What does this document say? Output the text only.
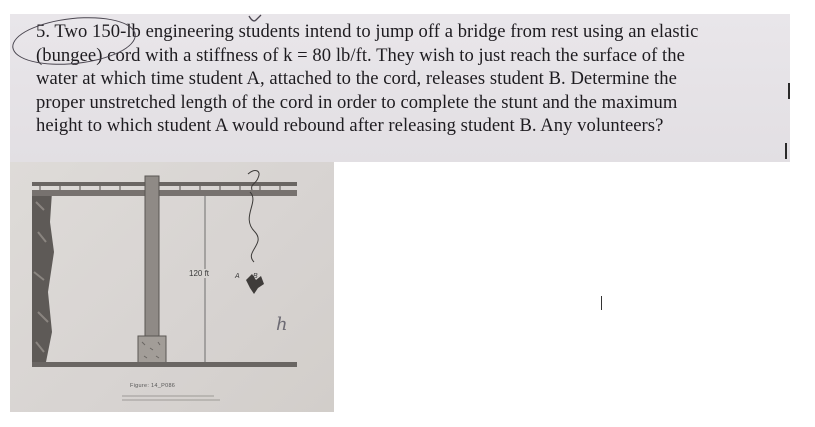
5. Two 150-lb engineering students intend to jump off a bridge from rest using an elastic
(bungee) cord with a stiffness of k = 80 lb/ft. They wish to just reach the surface of the
water at which time student A, attached to the cord, releases student B. Determine the
proper unstretched length of the cord in order to complete the stunt and the maximum
height to which student A would rebound after releasing student B. Any volunteers?
120 ft	A B
Figure: 14_P086
h
